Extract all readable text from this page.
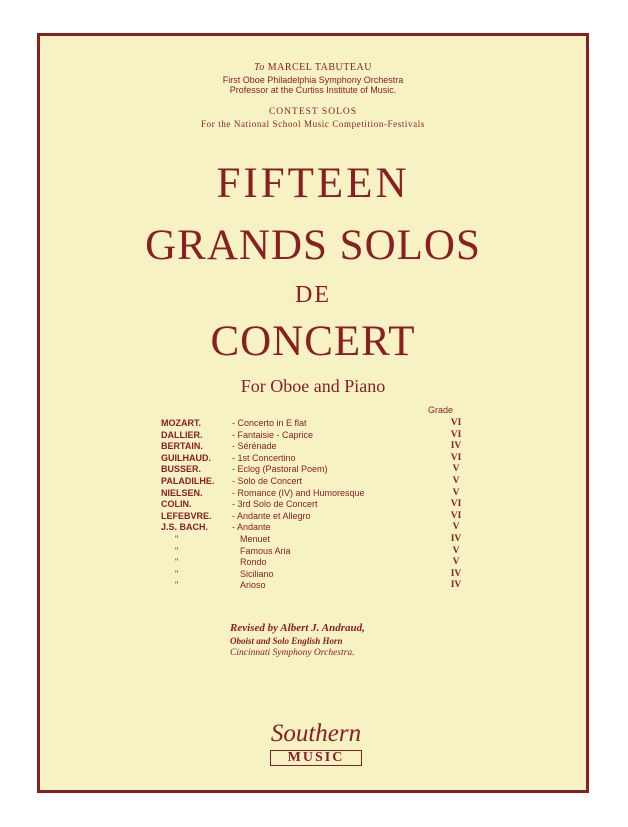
To MARCEL TABUTEAU
First Oboe Philadelphia Symphony Orchestra
Professor at the Curtiss Institute of Music.
CONTEST SOLOS
For the National School Music Competition-Festivals
FIFTEEN
GRANDS SOLOS
DE
CONCERT
For Oboe and Piano
Grade
MOZART.	- Concerto in E flat	VI
DALLIER.	- Fantaisie - Caprice	VI
BERTAIN.	- Sérénade	IV
GUILHAUD. - 1st Concertino	VI
BUSSER.	- Eclog (Pastoral Poem)	V
PALADILHE. - Solo de Concert	V
NIELSEN.	- Romance (IV) and Humoresque	V
COLIN.	- 3rd Solo de Concert	VI
LEFEBVRE. - Andante et Allegro	VI
J.S. BACH.	- Andante	V
"	Menuet	IV
"	Famous Aria	V
"	Rondo	V
"	Siciliano	IV
"	Arioso	IV
Revised by Albert J. Andraud,
Oboist and Solo English Horn
Cincinnati Symphony Orchestra.
Southern
MUSIC
